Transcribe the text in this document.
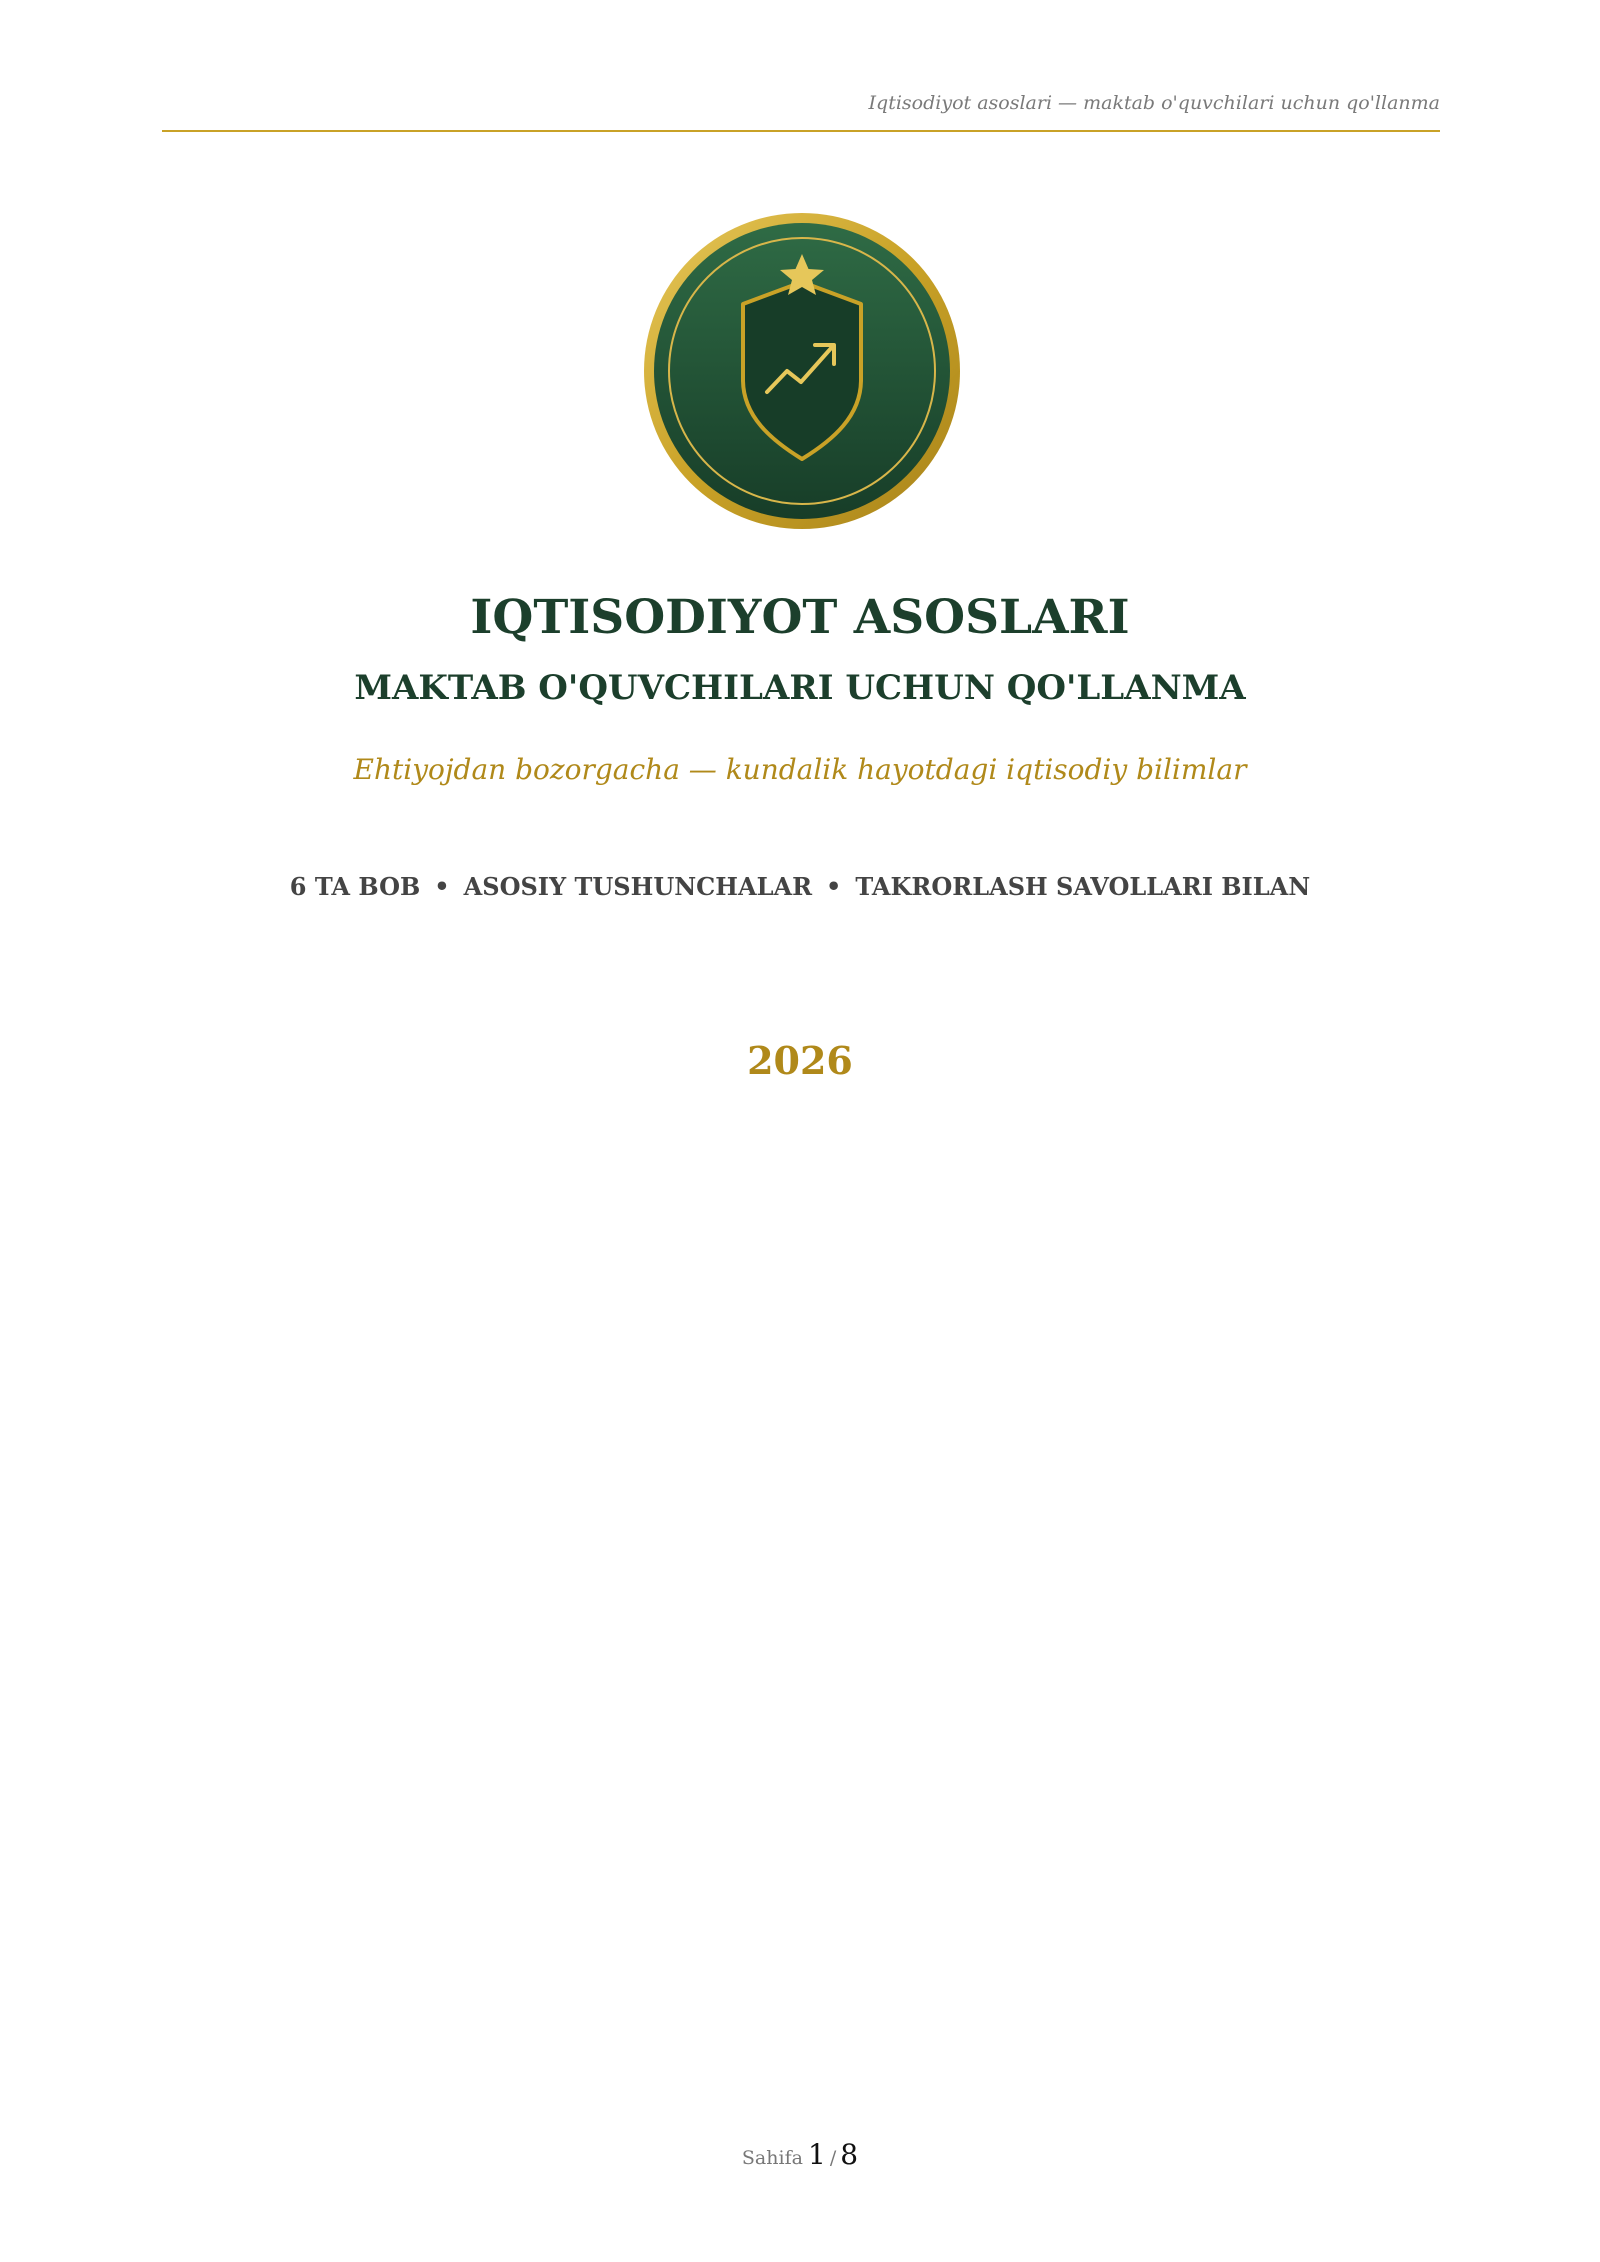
Iqtisodiyot asoslari — maktab o'quvchilari uchun qo'llanma
IQTISODIYOT ASOSLARI
MAKTAB O'QUVCHILARI UCHUN QO'LLANMA
Ehtiyojdan bozorgacha — kundalik hayotdagi iqtisodiy bilimlar
6 TA BOB • ASOSIY TUSHUNCHALAR • TAKRORLASH SAVOLLARI BILAN
2026
Sahifa 1 / 8
